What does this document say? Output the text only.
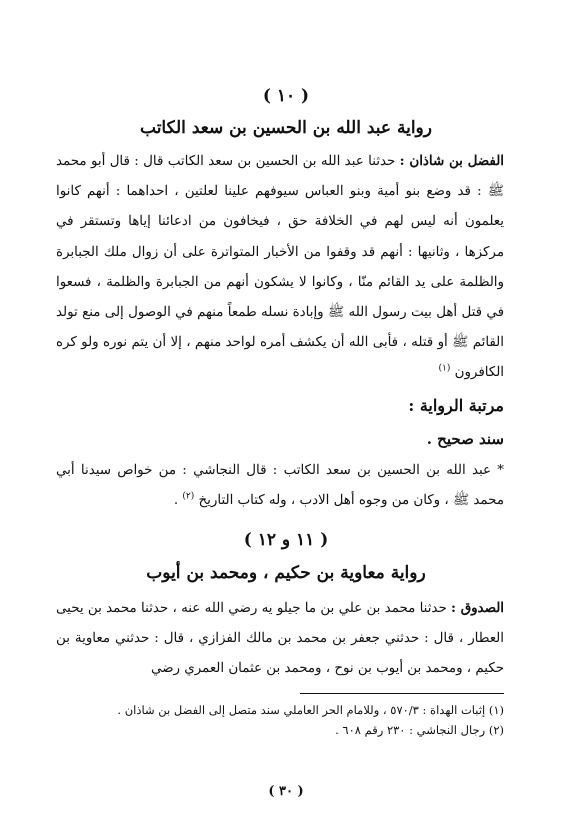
( ١٠ )
رواية عبد الله بن الحسين بن سعد الكاتب
الفضل بن شاذان : حدثنا عبد الله بن الحسين بن سعد الكاتب قال : قال أبو محمد ﷺ : قد وضع بنو أمية وبنو العباس سيوفهم علينا لعلتين ، احداهما : أنهم كانوا يعلمون أنه ليس لهم في الخلافة حق ، فيخافون من ادعائنا إياها وتستقر في مركزها ، وثانيها : أنهم قد وقفوا من الأخبار المتواترة على أن زوال ملك الجبابرة والظلمة على يد القائم منّا ، وكانوا لا يشكون أنهم من الجبابرة والظلمة ، فسعوا في قتل أهل بيت رسول الله ﷺ وإبادة نسله طمعاً منهم في الوصول إلى منع تولد القائم ﷺ أو قتله ، فأبى الله أن يكشف أمره لواحد منهم ، إلا أن يتم نوره ولو كره الكافرون $^{(١)}$
مرتبة الرواية :
سند صحيح .
* عبد الله بن الحسين بن سعد الكاتب : قال النجاشي : من خواص سيدنا أبي محمد ﷺ ، وكان من وجوه أهل الادب ، وله كتاب التاريخ $^{(٢)}$ .
( ١١ و ١٢ )
رواية معاوية بن حكيم ، ومحمد بن أيوب
الصدوق : حدثنا محمد بن علي بن ما جيلو يه رضي الله عنه ، حدثنا محمد بن يحيى العطار ، قال : حدثني جعفر بن محمد بن مالك الفزازي ، قال : حدثني معاوية بن حكيم ، ومحمد بن أيوب بن نوح ، ومحمد بن عثمان العمري رضي
(١) إثبات الهداة : ٥٧٠/٣ ، وللامام الحر العاملي سند متصل إلى الفضل بن شاذان .
(٢) رجال النجاشي : ٢٣٠ رقم ٦٠٨ .
( ٣٠ )
